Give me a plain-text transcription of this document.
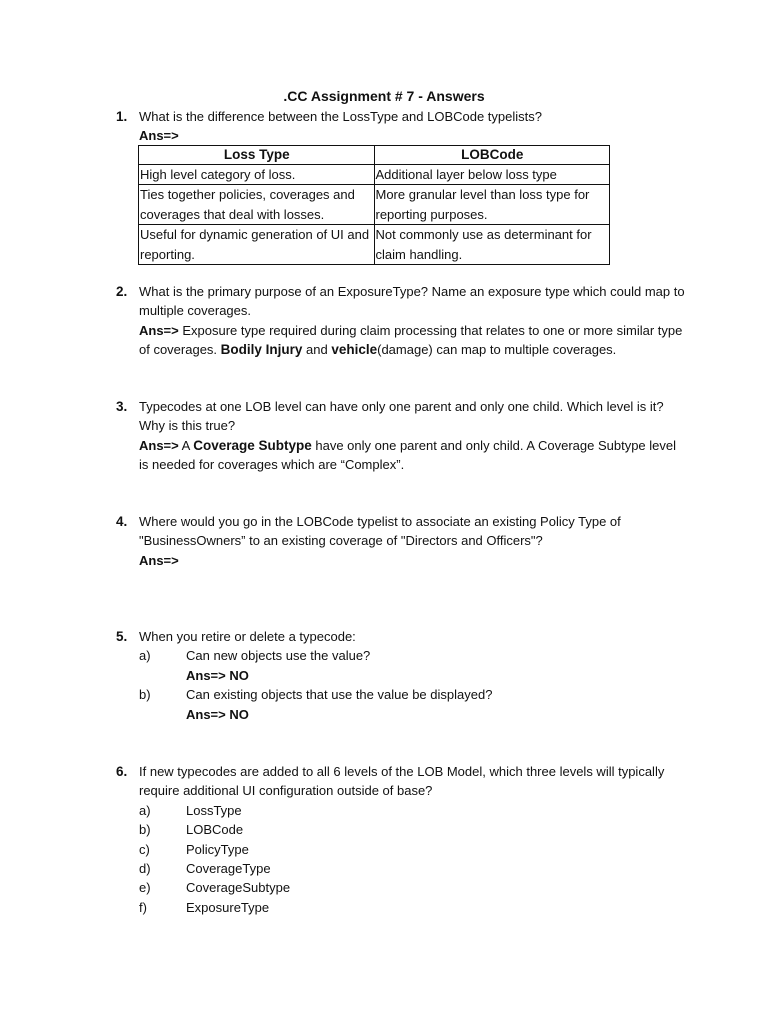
.CC Assignment # 7 - Answers
1. What is the difference between the LossType and LOBCode typelists?
Ans=>
Loss Type	LOBCode
High level category of loss.	Additional layer below loss type
Ties together policies, coverages and coverages that deal with losses.	More granular level than loss type for reporting purposes.
Useful for dynamic generation of UI and reporting.	Not commonly use as determinant for claim handling.
2. What is the primary purpose of an ExposureType? Name an exposure type which could map to multiple coverages.
Ans=> Exposure type required during claim processing that relates to one or more similar type of coverages. Bodily Injury and vehicle(damage) can map to multiple coverages.
3. Typecodes at one LOB level can have only one parent and only one child. Which level is it? Why is this true?
Ans=> A Coverage Subtype have only one parent and only child. A Coverage Subtype level is needed for coverages which are “Complex”.
4. Where would you go in the LOBCode typelist to associate an existing Policy Type of "BusinessOwners” to an existing coverage of "Directors and Officers"?
Ans=>
5. When you retire or delete a typecode:
a)	Can new objects use the value?
Ans=> NO
b)	Can existing objects that use the value be displayed?
Ans=> NO
6. If new typecodes are added to all 6 levels of the LOB Model, which three levels will typically require additional UI configuration outside of base?
a)	LossType
b)	LOBCode
c)	PolicyType
d)	CoverageType
e)	CoverageSubtype
f)	ExposureType
